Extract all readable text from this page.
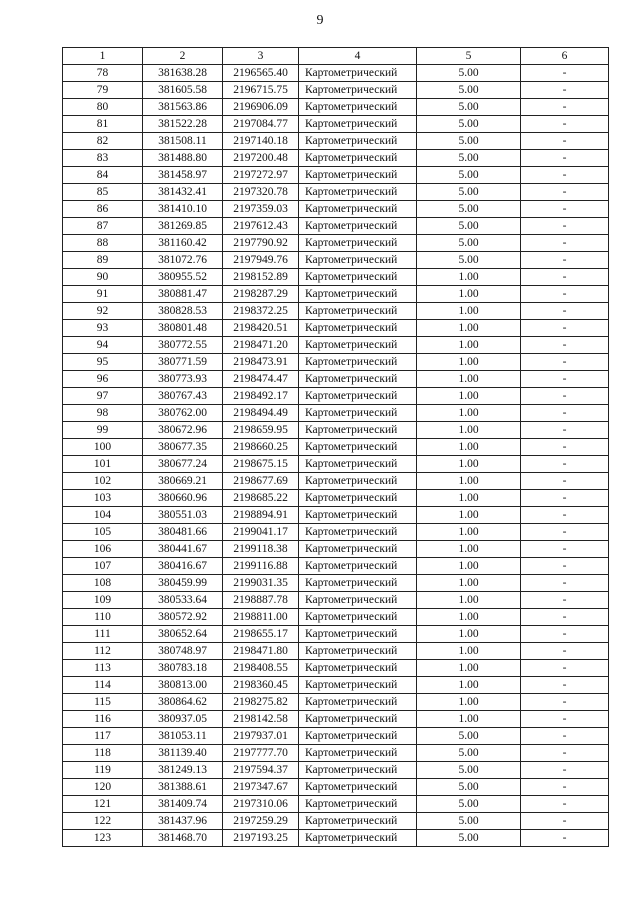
9
1	2	3	4	5	6
78	381638.28	2196565.40	Картометрический	5.00	-
79	381605.58	2196715.75	Картометрический	5.00	-
80	381563.86	2196906.09	Картометрический	5.00	-
81	381522.28	2197084.77	Картометрический	5.00	-
82	381508.11	2197140.18	Картометрический	5.00	-
83	381488.80	2197200.48	Картометрический	5.00	-
84	381458.97	2197272.97	Картометрический	5.00	-
85	381432.41	2197320.78	Картометрический	5.00	-
86	381410.10	2197359.03	Картометрический	5.00	-
87	381269.85	2197612.43	Картометрический	5.00	-
88	381160.42	2197790.92	Картометрический	5.00	-
89	381072.76	2197949.76	Картометрический	5.00	-
90	380955.52	2198152.89	Картометрический	1.00	-
91	380881.47	2198287.29	Картометрический	1.00	-
92	380828.53	2198372.25	Картометрический	1.00	-
93	380801.48	2198420.51	Картометрический	1.00	-
94	380772.55	2198471.20	Картометрический	1.00	-
95	380771.59	2198473.91	Картометрический	1.00	-
96	380773.93	2198474.47	Картометрический	1.00	-
97	380767.43	2198492.17	Картометрический	1.00	-
98	380762.00	2198494.49	Картометрический	1.00	-
99	380672.96	2198659.95	Картометрический	1.00	-
100	380677.35	2198660.25	Картометрический	1.00	-
101	380677.24	2198675.15	Картометрический	1.00	-
102	380669.21	2198677.69	Картометрический	1.00	-
103	380660.96	2198685.22	Картометрический	1.00	-
104	380551.03	2198894.91	Картометрический	1.00	-
105	380481.66	2199041.17	Картометрический	1.00	-
106	380441.67	2199118.38	Картометрический	1.00	-
107	380416.67	2199116.88	Картометрический	1.00	-
108	380459.99	2199031.35	Картометрический	1.00	-
109	380533.64	2198887.78	Картометрический	1.00	-
110	380572.92	2198811.00	Картометрический	1.00	-
111	380652.64	2198655.17	Картометрический	1.00	-
112	380748.97	2198471.80	Картометрический	1.00	-
113	380783.18	2198408.55	Картометрический	1.00	-
114	380813.00	2198360.45	Картометрический	1.00	-
115	380864.62	2198275.82	Картометрический	1.00	-
116	380937.05	2198142.58	Картометрический	1.00	-
117	381053.11	2197937.01	Картометрический	5.00	-
118	381139.40	2197777.70	Картометрический	5.00	-
119	381249.13	2197594.37	Картометрический	5.00	-
120	381388.61	2197347.67	Картометрический	5.00	-
121	381409.74	2197310.06	Картометрический	5.00	-
122	381437.96	2197259.29	Картометрический	5.00	-
123	381468.70	2197193.25	Картометрический	5.00	-
